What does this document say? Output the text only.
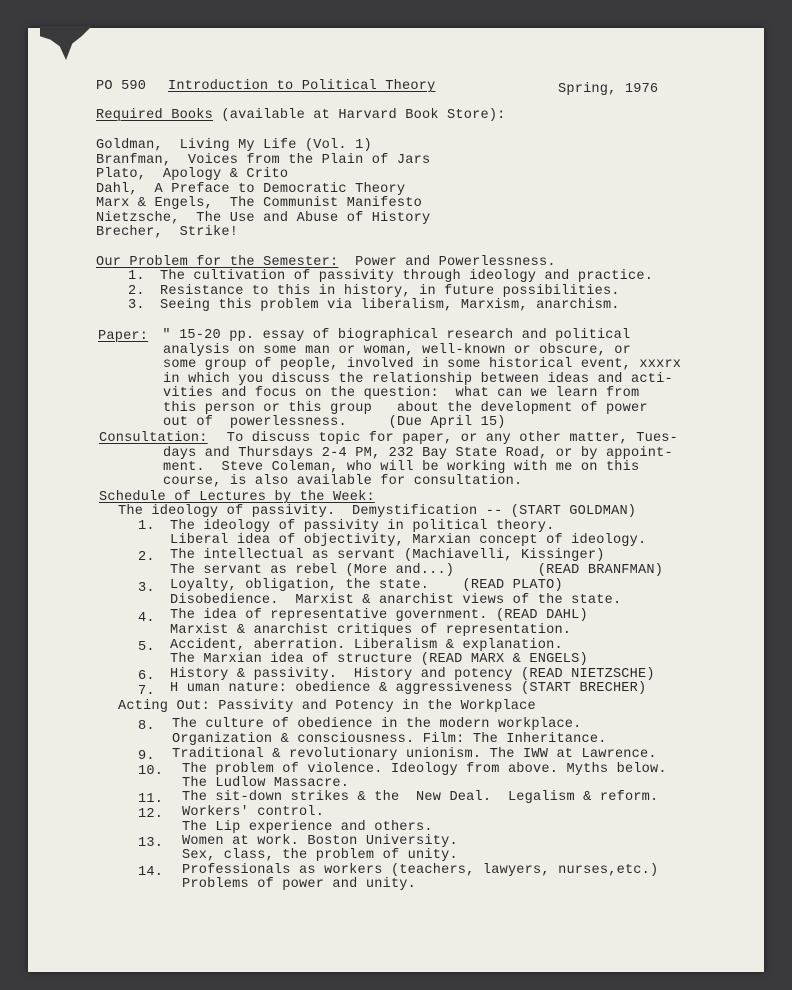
PO 590 Introduction to Political Theory	Spring, 1976
Required Books (available at Harvard Book Store):
Goldman,  Living My Life (Vol. 1)
Branfman,  Voices from the Plain of Jars
Plato,  Apology & Crito
Dahl,  A Preface to Democratic Theory
Marx & Engels,  The Communist Manifesto
Nietzsche,  The Use and Abuse of History
Brecher,  Strike!
Our Problem for the Semester:  Power and Powerlessness.
1. The cultivation of passivity through ideology and practice.
2. Resistance to this in history, in future possibilities.
3. Seeing this problem via liberalism, Marxism, anarchism.
Paper: " 15-20 pp. essay of biographical research and political
analysis on some man or woman, well-known or obscure, or
some group of people, involved in some historical event, xxxrx
in which you discuss the relationship between ideas and acti-
vities and focus on the question:  what can we learn from
this person or this group   about the development of power
out of  powerlessness.     (Due April 15)
Consultation: To discuss topic for paper, or any other matter, Tues-
days and Thursdays 2-4 PM, 232 Bay State Road, or by appoint-
ment.  Steve Coleman, who will be working with me on this
course, is also available for consultation.
Schedule of Lectures by the Week:
The ideology of passivity.  Demystification -- (START GOLDMAN)
1. The ideology of passivity in political theory.
Liberal idea of objectivity, Marxian concept of ideology.
2. The intellectual as servant (Machiavelli, Kissinger)
The servant as rebel (More and...)          (READ BRANFMAN)
3. Loyalty, obligation, the state.    (READ PLATO)
Disobedience.  Marxist & anarchist views of the state.
4. The idea of representative government. (READ DAHL)
Marxist & anarchist critiques of representation.
5. Accident, aberration. Liberalism & explanation.
The Marxian idea of structure (READ MARX & ENGELS)
6. History & passivity.  History and potency (READ NIETZSCHE)
7. H uman nature: obedience & aggressiveness (START BRECHER)
Acting Out: Passivity and Potency in the Workplace
8. The culture of obedience in the modern workplace.
Organization & consciousness. Film: The Inheritance.
9. Traditional & revolutionary unionism. The IWW at Lawrence.
10. The problem of violence. Ideology from above. Myths below.
The Ludlow Massacre.
11. The sit-down strikes & the  New Deal.  Legalism & reform.
12. Workers' control.
The Lip experience and others.
13. Women at work. Boston University.
Sex, class, the problem of unity.
14. Professionals as workers (teachers, lawyers, nurses,etc.)
Problems of power and unity.
